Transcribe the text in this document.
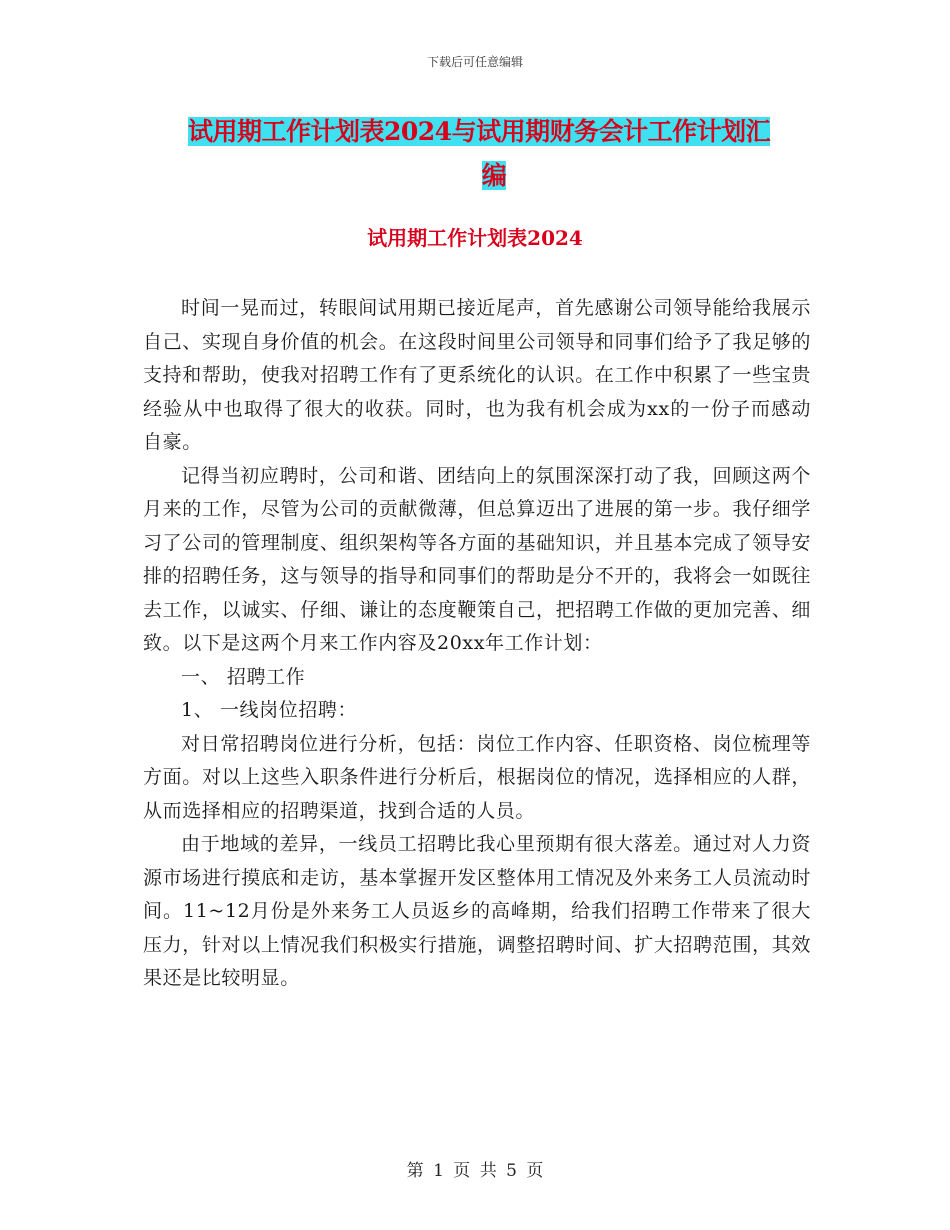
下载后可任意编辑
试用期工作计划表2024与试用期财务会计工作计划汇
编
试用期工作计划表2024

时间一晃而过，转眼间试用期已接近尾声，首先感谢公司领导能给我展示自己、实现自身价值的机会。在这段时间里公司领导和同事们给予了我足够的支持和帮助，使我对招聘工作有了更系统化的认识。在工作中积累了一些宝贵经验从中也取得了很大的收获。同时，也为我有机会成为xx的一份子而感动自豪。

记得当初应聘时，公司和谐、团结向上的氛围深深打动了我，回顾这两个月来的工作，尽管为公司的贡献微薄，但总算迈出了进展的第一步。我仔细学习了公司的管理制度、组织架构等各方面的基础知识，并且基本完成了领导安排的招聘任务，这与领导的指导和同事们的帮助是分不开的，我将会一如既往去工作，以诚实、仔细、谦让的态度鞭策自己，把招聘工作做的更加完善、细致。以下是这两个月来工作内容及20xx年工作计划：

一、 招聘工作

1、 一线岗位招聘：

对日常招聘岗位进行分析，包括：岗位工作内容、任职资格、岗位梳理等方面。对以上这些入职条件进行分析后，根据岗位的情况，选择相应的人群，从而选择相应的招聘渠道，找到合适的人员。

由于地域的差异，一线员工招聘比我心里预期有很大落差。通过对人力资源市场进行摸底和走访，基本掌握开发区整体用工情况及外来务工人员流动时间。11~12月份是外来务工人员返乡的高峰期，给我们招聘工作带来了很大压力，针对以上情况我们积极实行措施，调整招聘时间、扩大招聘范围，其效果还是比较明显。

第 1 页 共 5 页
